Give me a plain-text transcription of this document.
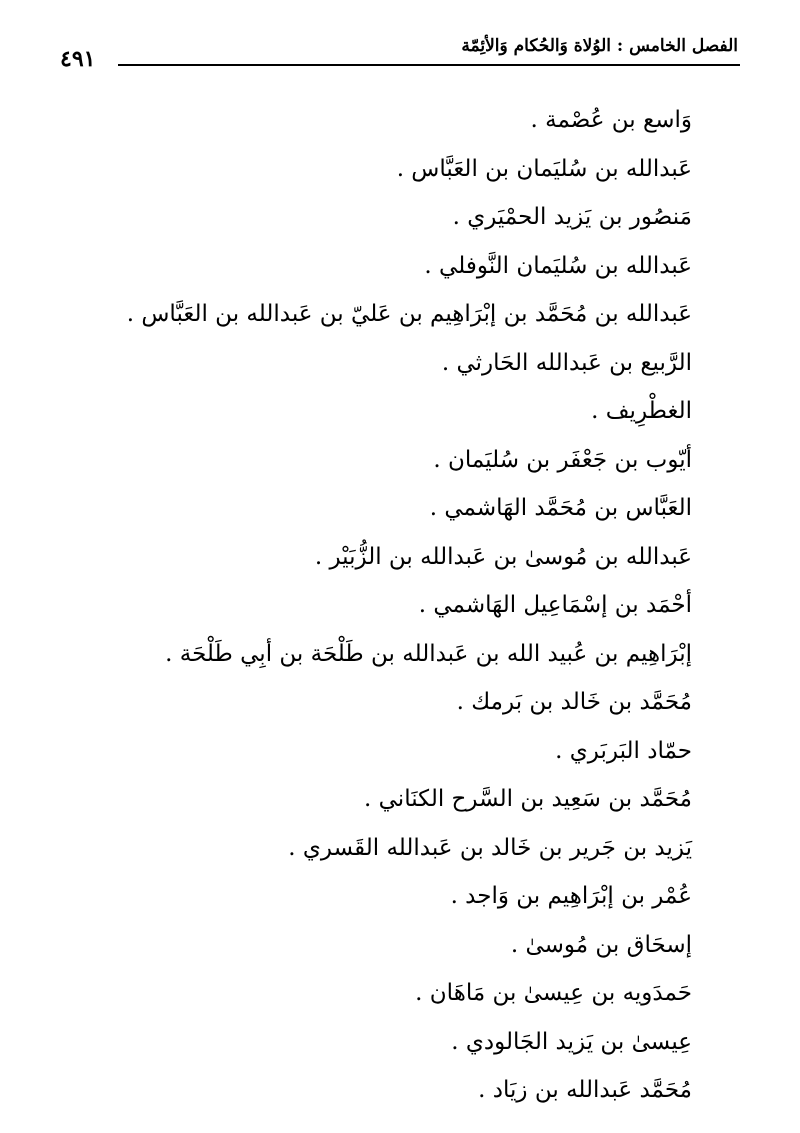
الفصل الخامس : الوُلاة وَالحُكام وَالأئِمّة
٤٩١
وَاسع بن عُصْمة .
عَبدالله بن سُليَمان بن العَبَّاس .
مَنصُور بن يَزيد الحمْيَري .
عَبدالله بن سُليَمان النَّوفلي .
عَبدالله بن مُحَمَّد بن إبْرَاهِيم بن عَليّ بن عَبدالله بن العَبَّاس .
الرَّبيع بن عَبدالله الحَارثي .
الغطْرِيف .
أيّوب بن جَعْفَر بن سُليَمان .
العَبَّاس بن مُحَمَّد الهَاشمي .
عَبدالله بن مُوسىٰ بن عَبدالله بن الزُّبَيْر .
أحْمَد بن إسْمَاعِيل الهَاشمي .
إبْرَاهِيم بن عُبيد الله بن عَبدالله بن طَلْحَة بن أبِي طَلْحَة .
مُحَمَّد بن خَالد بن بَرمك .
حمّاد البَربَري .
مُحَمَّد بن سَعِيد بن السَّرح الكنَاني .
يَزيد بن جَرير بن خَالد بن عَبدالله القَسري .
عُمْر بن إبْرَاهِيم بن وَاجد .
إسحَاق بن مُوسىٰ .
حَمدَويه بن عِيسىٰ بن مَاهَان .
عِيسىٰ بن يَزيد الجَالودي .
مُحَمَّد عَبدالله بن زيَاد .
